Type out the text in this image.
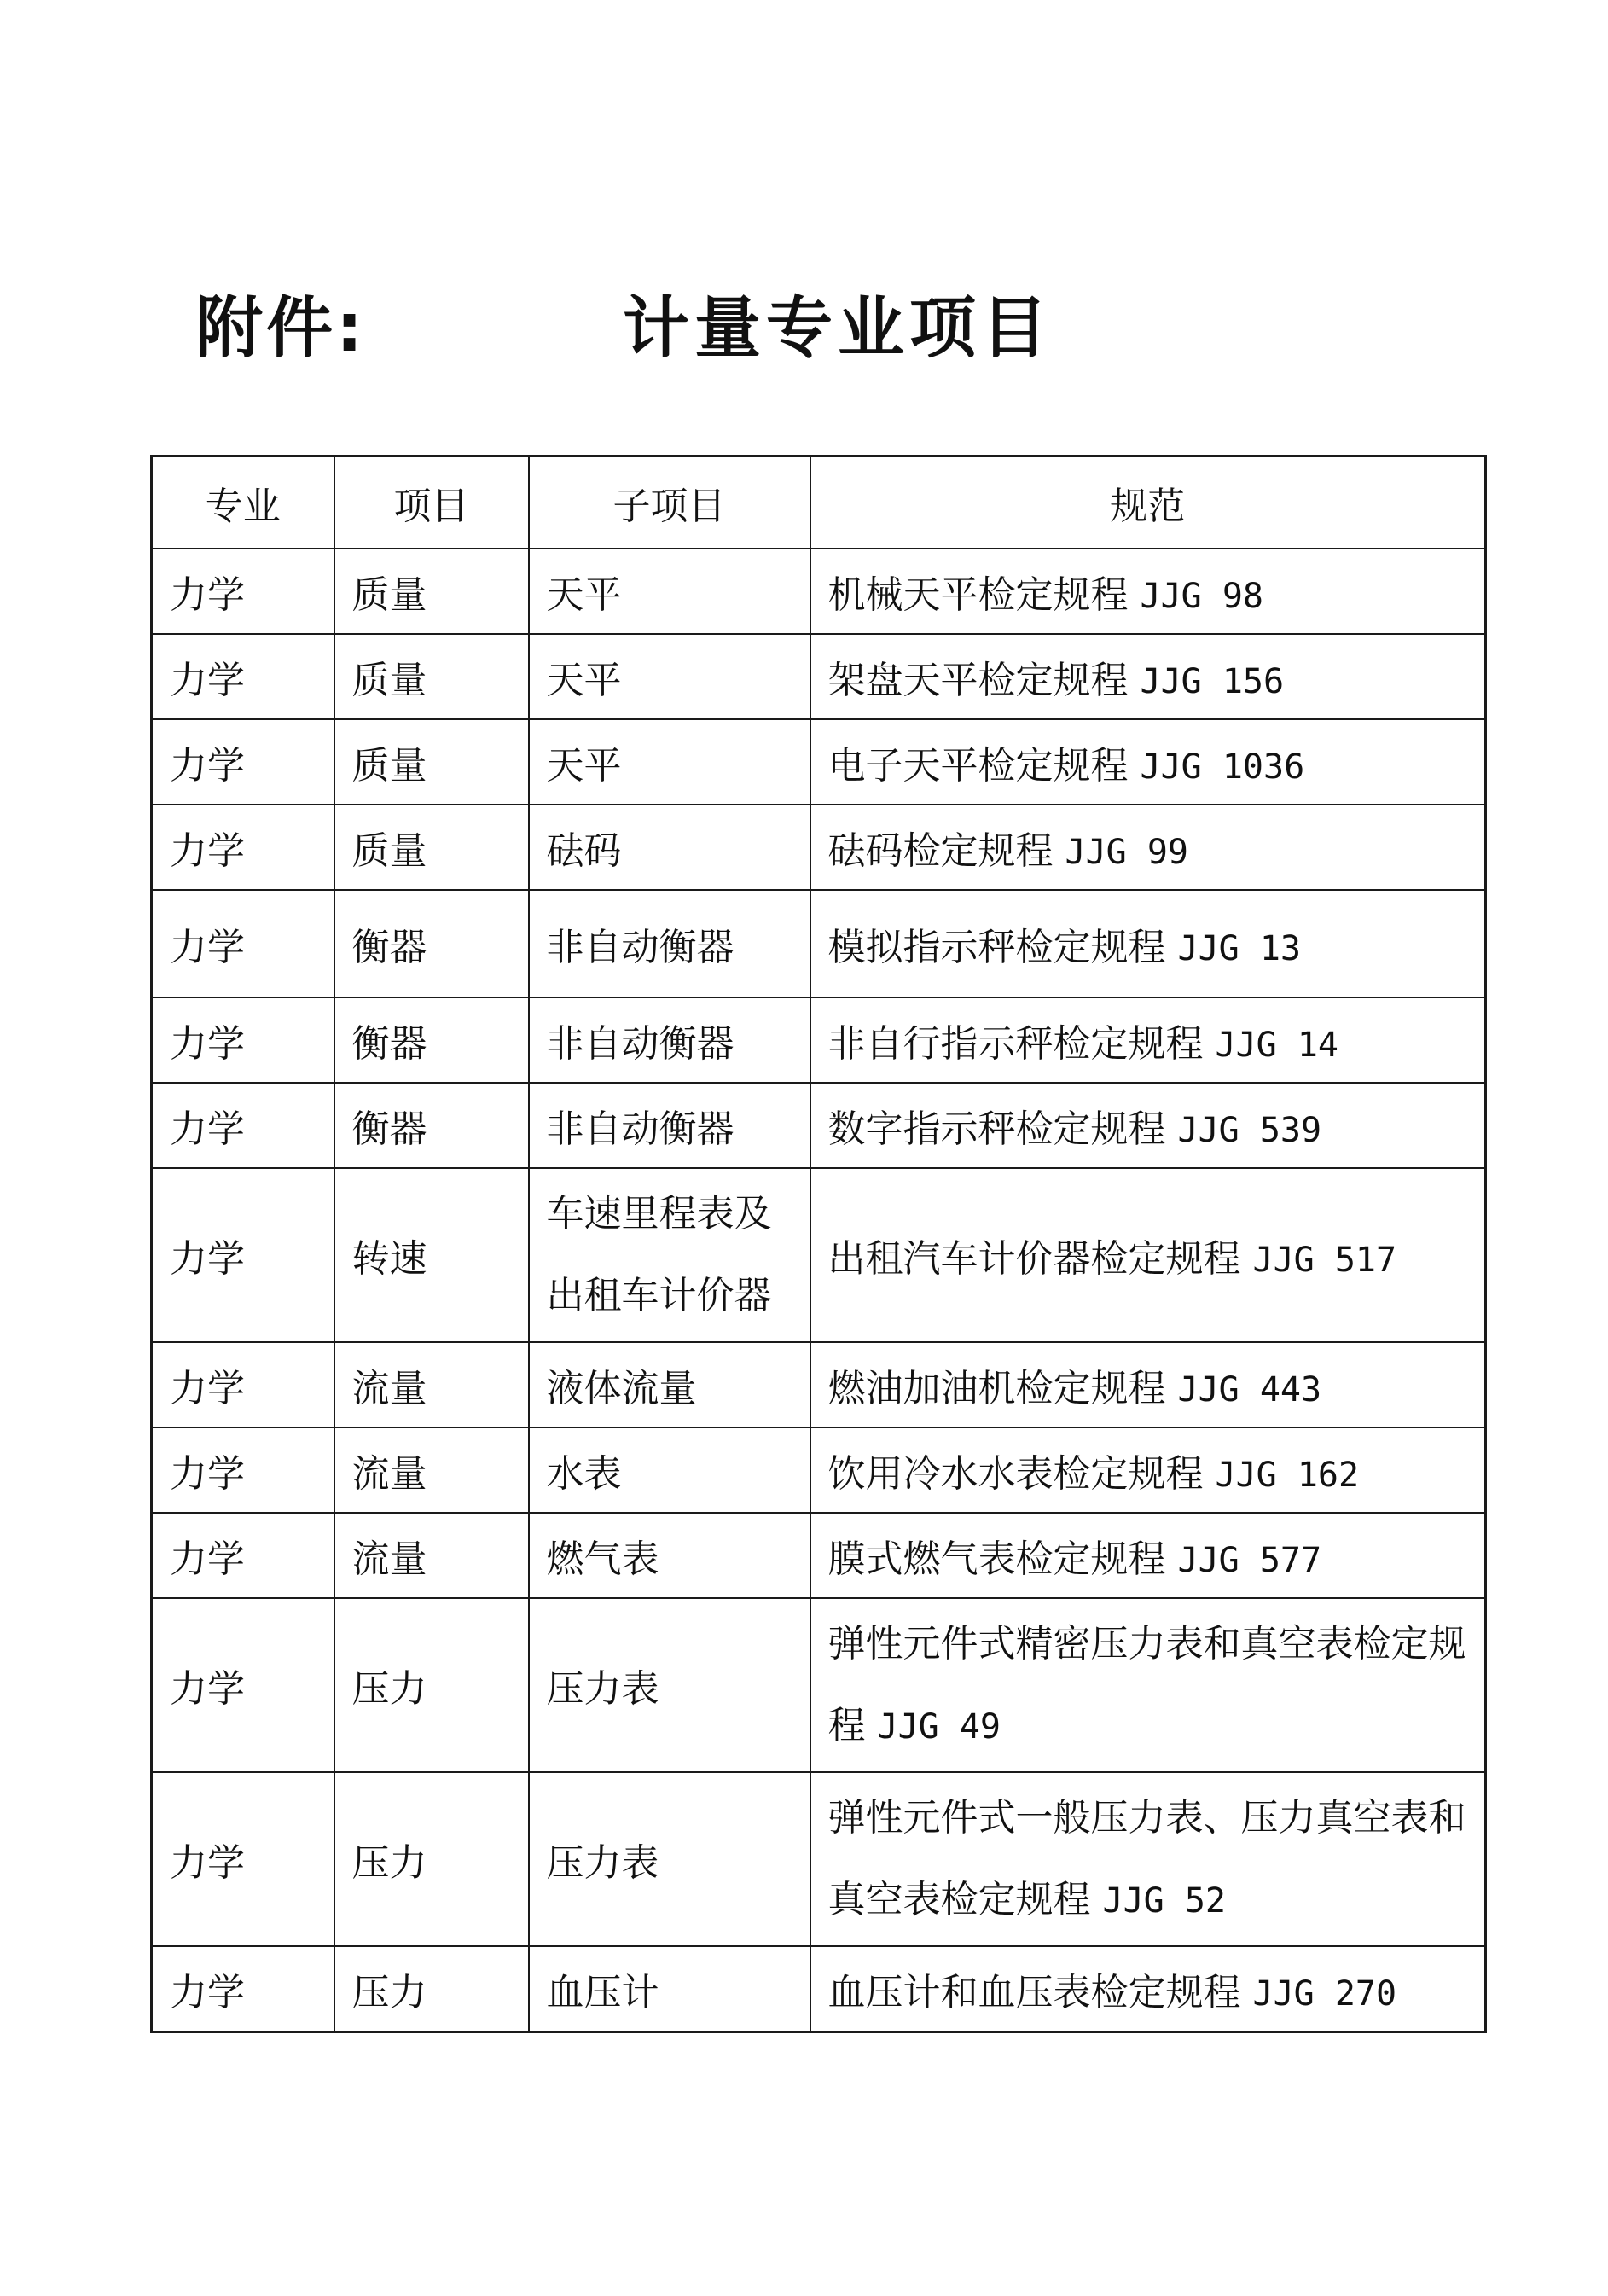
附件:	计量专业项目
专业	项目	子项目	规范
力学	质量	天平	机械天平检定规程 JJG 98
力学	质量	天平	架盘天平检定规程 JJG 156
力学	质量	天平	电子天平检定规程 JJG 1036
力学	质量	砝码	砝码检定规程 JJG 99
力学	衡器	非自动衡器	模拟指示秤检定规程 JJG 13
力学	衡器	非自动衡器	非自行指示秤检定规程 JJG 14
力学	衡器	非自动衡器	数字指示秤检定规程 JJG 539
力学	转速	车速里程表及出租车计价器	出租汽车计价器检定规程 JJG 517
力学	流量	液体流量	燃油加油机检定规程 JJG 443
力学	流量	水表	饮用冷水水表检定规程 JJG 162
力学	流量	燃气表	膜式燃气表检定规程 JJG 577
力学	压力	压力表	弹性元件式精密压力表和真空表检定规程 JJG 49
力学	压力	压力表	弹性元件式一般压力表、压力真空表和真空表检定规程 JJG 52
力学	压力	血压计	血压计和血压表检定规程 JJG 270
